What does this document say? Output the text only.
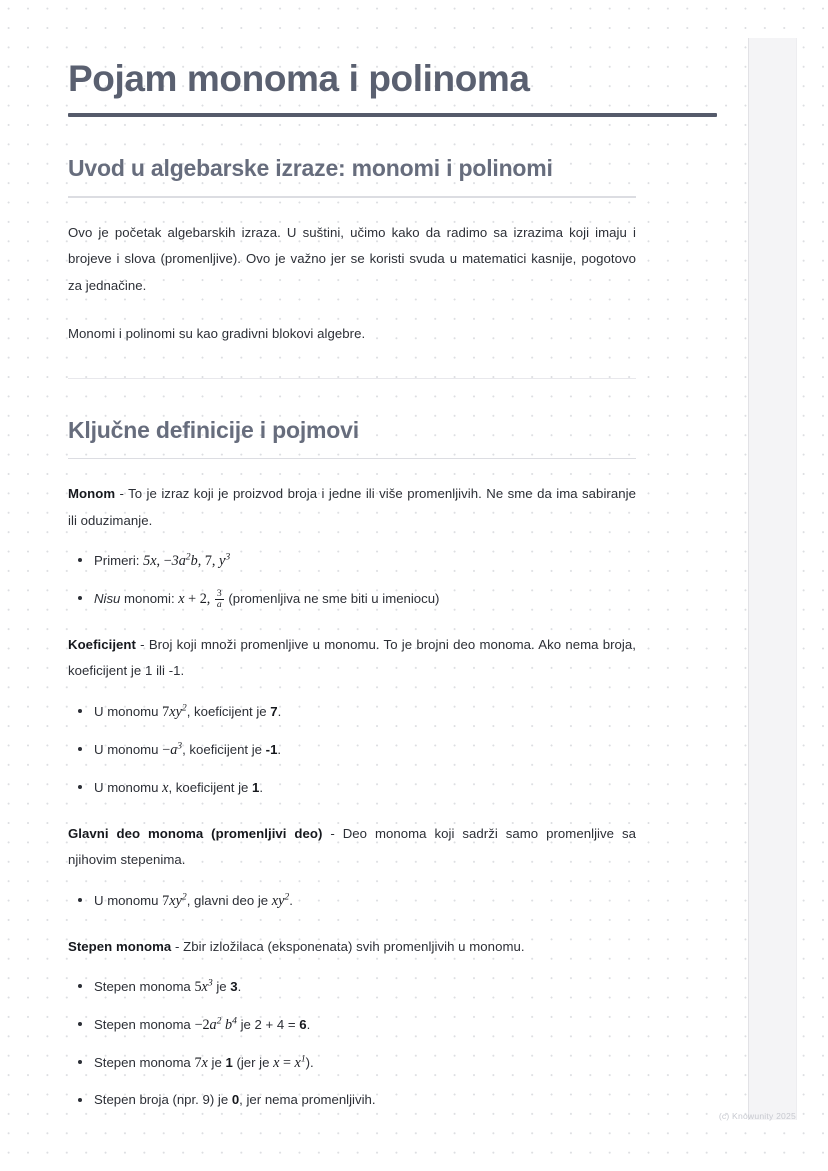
Pojam monoma i polinoma
Uvod u algebarske izraze: monomi i polinomi

Ovo je početak algebarskih izraza. U suštini, učimo kako da radimo sa izrazima koji imaju i brojeve i slova (promenljive). Ovo je važno jer se koristi svuda u matematici kasnije, pogotovo za jednačine.

Monomi i polinomi su kao gradivni blokovi algebre.

Ključne definicije i pojmovi

Monom - To je izraz koji je proizvod broja i jedne ili više promenljivih. Ne sme da ima sabiranje ili oduzimanje.

Primeri: 5x, $-3a^2b$, 7, $y^3$
Nisu monomi: x + 2, $\frac{3}{a}$ (promenljiva ne sme biti u imeniocu)

Koeficijent - Broj koji množi promenljive u monomu. To je brojni deo monoma. Ako nema broja, koeficijent je 1 ili -1.

U monomu $7xy^2$, koeficijent je 7.
U monomu $-a^3$, koeficijent je -1.
U monomu x, koeficijent je 1.

Glavni deo monoma (promenljivi deo) - Deo monoma koji sadrži samo promenljive sa njihovim stepenima.

U monomu $7xy^2$, glavni deo je $xy^2$.

Stepen monoma - Zbir izložilaca (eksponenata) svih promenljivih u monomu.

Stepen monoma $5x^3$ je 3.
Stepen monoma $-2a^2$ $b^4$ je 2 + 4 = 6.
Stepen monoma 7x je 1 (jer je $x = x^1$).
Stepen broja (npr. 9) je 0, jer nema promenljivih.
(c) Knowunity 2025
